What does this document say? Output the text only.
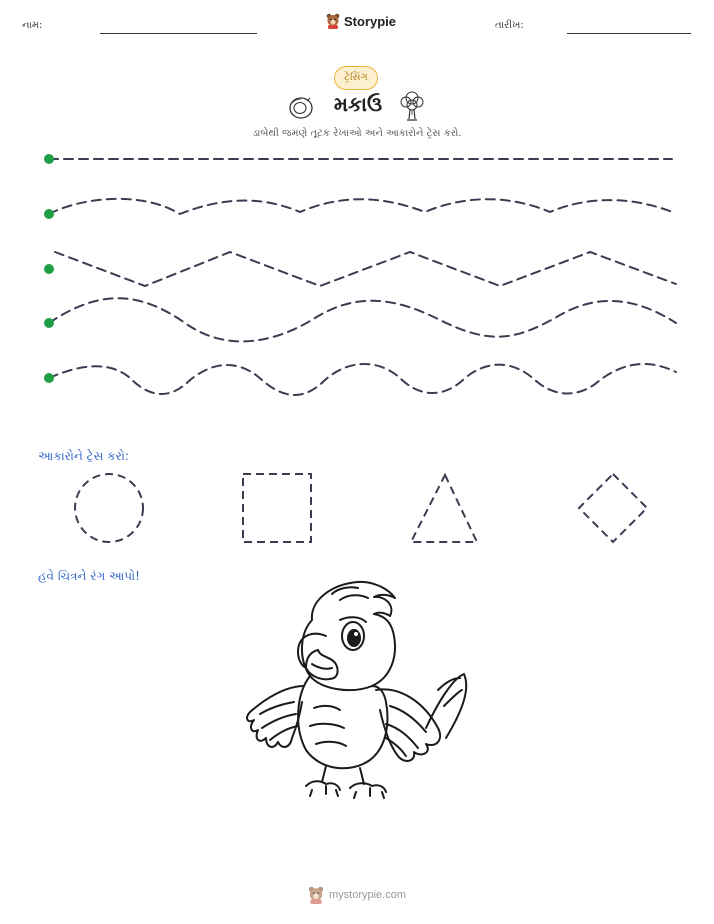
નામ:	Storypie	તારીખ:
ટ્રેસિંગ
મકાઉ
ડાબેથી જમણે તૂટક રેખાઓ અને આકારોને ટ્રેસ કરો.
આકારોને ટ્રેસ કરો:
હવે ચિત્રને રંગ આપો!
mystorypie.com
